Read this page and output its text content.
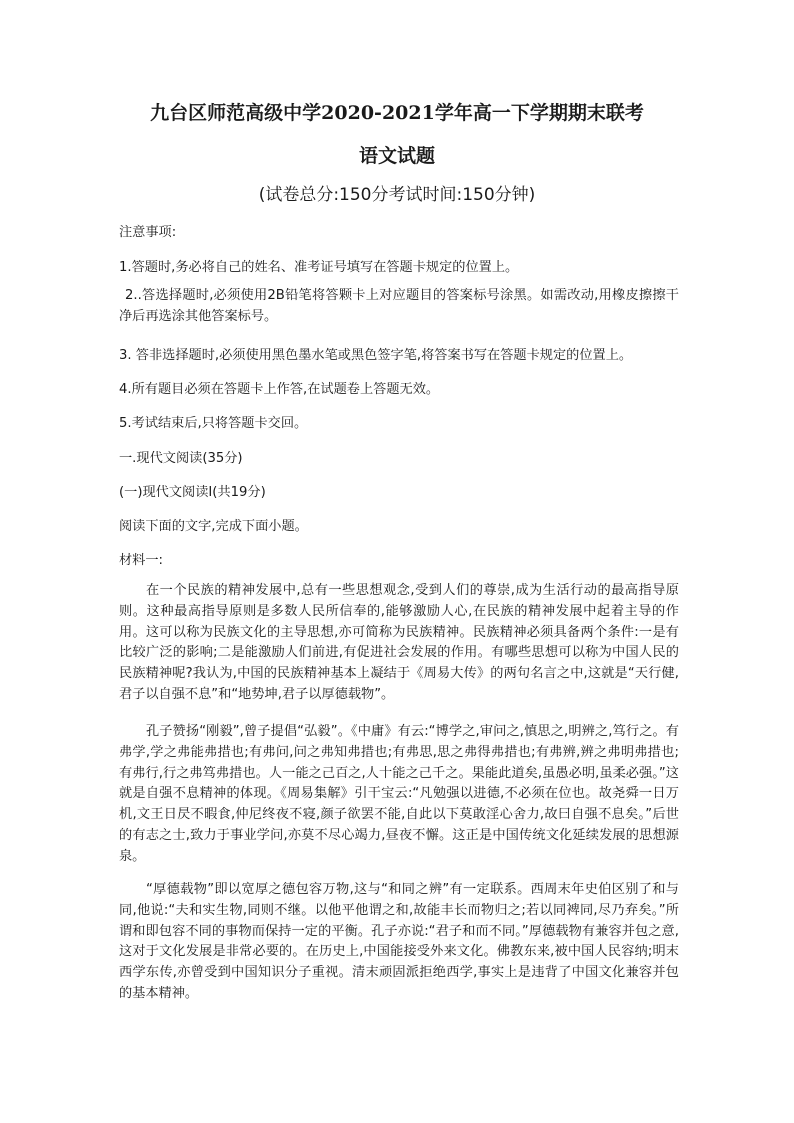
九台区师范高级中学2020-2021学年高一下学期期末联考
语文试题
(试卷总分:150分考试时间:150分钟)
注意事项:
1.答题时,务必将自己的姓名、准考证号填写在答题卡规定的位置上。
2..答选择题时,必须使用2B铅笔将答颗卡上对应题目的答案标号涂黑。如需改动,用橡皮擦擦干净后再选涂其他答案标号。
3. 答非选择题时,必须使用黑色墨水笔或黑色签字笔,将答案书写在答题卡规定的位置上。
4.所有题目必须在答题卡上作答,在试题卷上答题无效。
5.考试结束后,只将答题卡交回。
一.现代文阅读(35分)
(一)现代文阅读Ⅰ(共19分)
阅读下面的文字,完成下面小题。
材料一:
在一个民族的精神发展中,总有一些思想观念,受到人们的尊崇,成为生活行动的最高指导原则。这种最高指导原则是多数人民所信奉的,能够激励人心,在民族的精神发展中起着主导的作用。这可以称为民族文化的主导思想,亦可简称为民族精神。民族精神必须具备两个条件:一是有比较广泛的影响;二是能激励人们前进,有促进社会发展的作用。有哪些思想可以称为中国人民的民族精神呢?我认为,中国的民族精神基本上凝结于《周易大传》的两句名言之中,这就是“天行健,君子以自强不息”和“地势坤,君子以厚德载物”。
孔子赞扬“刚毅”,曾子提倡“弘毅”。《中庸》有云:“博学之,审问之,慎思之,明辨之,笃行之。有弗学,学之弗能弗措也;有弗问,问之弗知弗措也;有弗思,思之弗得弗措也;有弗辨,辨之弗明弗措也;有弗行,行之弗笃弗措也。人一能之己百之,人十能之己千之。果能此道矣,虽愚必明,虽柔必强。”这就是自强不息精神的体现。《周易集解》引干宝云:“凡勉强以进德,不必须在位也。故尧舜一日万机,文王日昃不暇食,仲尼终夜不寝,颜子欲罢不能,自此以下莫敢淫心舍力,故曰自强不息矣。”后世的有志之士,致力于事业学问,亦莫不尽心竭力,昼夜不懈。这正是中国传统文化延续发展的思想源泉。
“厚德载物”即以宽厚之德包容万物,这与“和同之辨”有一定联系。西周末年史伯区别了和与同,他说:“夫和实生物,同则不继。以他平他谓之和,故能丰长而物归之;若以同裨同,尽乃弃矣。”所谓和即包容不同的事物而保持一定的平衡。孔子亦说:“君子和而不同。”厚德载物有兼容并包之意,这对于文化发展是非常必要的。在历史上,中国能接受外来文化。佛教东来,被中国人民容纳;明末西学东传,亦曾受到中国知识分子重视。清末顽固派拒绝西学,事实上是违背了中国文化兼容并包的基本精神。
